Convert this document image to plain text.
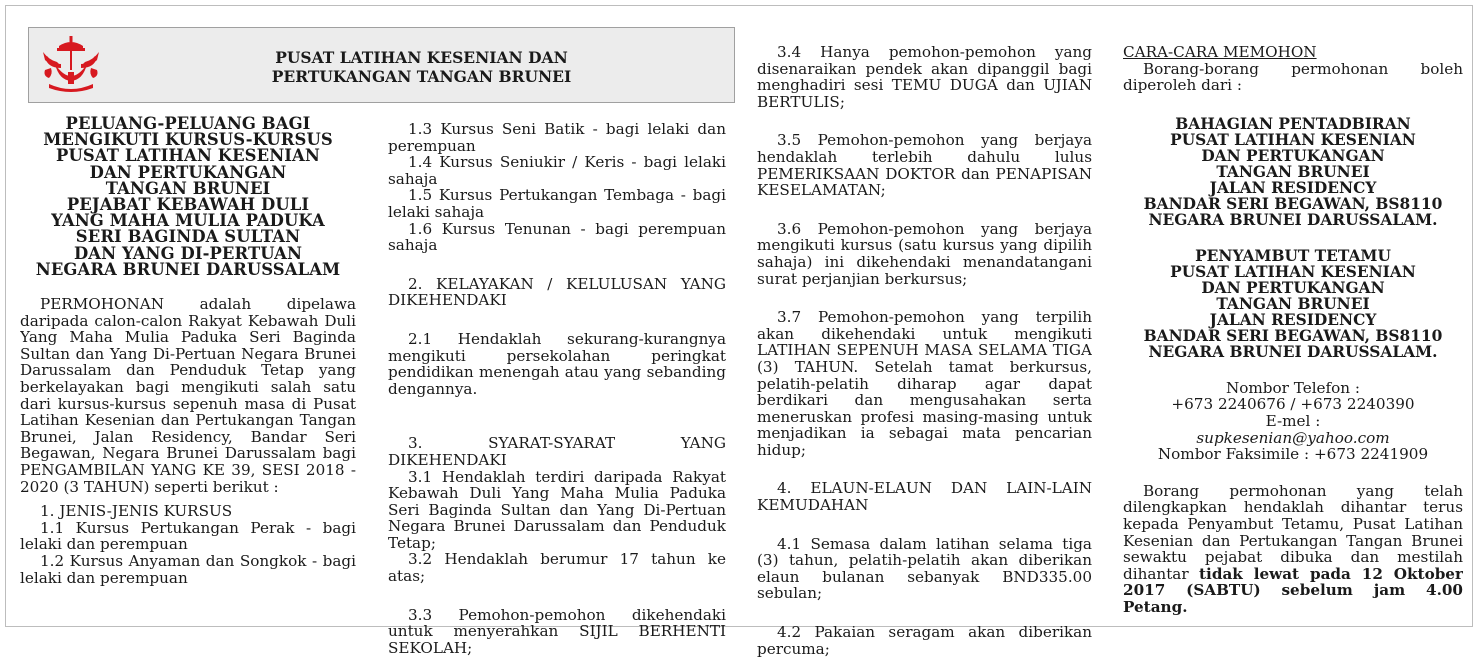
PUSAT LATIHAN KESENIAN DAN
PERTUKANGAN TANGAN BRUNEI
PELUANG-PELUANG BAGI
MENGIKUTI KURSUS-KURSUS
PUSAT LATIHAN KESENIAN
DAN PERTUKANGAN
TANGAN BRUNEI
PEJABAT KEBAWAH DULI
YANG MAHA MULIA PADUKA
SERI BAGINDA SULTAN
DAN YANG DI-PERTUAN
NEGARA BRUNEI DARUSSALAM

PERMOHONAN adalah dipelawa daripada calon-calon Rakyat Kebawah Duli Yang Maha Mulia Paduka Seri Baginda Sultan dan Yang Di-Pertuan Negara Brunei Darussalam dan Penduduk Tetap yang berkelayakan bagi mengikuti salah satu dari kursus-kursus sepenuh masa di Pusat Latihan Kesenian dan Pertukangan Tangan Brunei, Jalan Residency, Bandar Seri Begawan, Negara Brunei Darussalam bagi PENGAMBILAN YANG KE 39, SESI 2018 - 2020 (3 TAHUN) seperti berikut :

1. JENIS-JENIS KURSUS

1.1 Kursus Pertukangan Perak - bagi lelaki dan perempuan

1.2 Kursus Anyaman dan Songkok - bagi lelaki dan perempuan

1.3 Kursus Seni Batik - bagi lelaki dan perempuan

1.4 Kursus Seniukir / Keris - bagi lelaki sahaja

1.5 Kursus Pertukangan Tembaga - bagi lelaki sahaja

1.6 Kursus Tenunan - bagi perempuan sahaja

2. KELAYAKAN / KELULUSAN YANG DIKEHENDAKI

2.1 Hendaklah sekurang-kurangnya mengikuti persekolahan peringkat pendidikan menengah atau yang sebanding dengannya.

3. SYARAT-SYARAT YANG DIKEHENDAKI

3.1 Hendaklah terdiri daripada Rakyat Kebawah Duli Yang Maha Mulia Paduka Seri Baginda Sultan dan Yang Di-Pertuan Negara Brunei Darussalam dan Penduduk Tetap;

3.2 Hendaklah berumur 17 tahun ke atas;

3.3 Pemohon-pemohon dikehendaki untuk menyerahkan SIJIL BERHENTI SEKOLAH;

3.4 Hanya pemohon-pemohon yang disenaraikan pendek akan dipanggil bagi menghadiri sesi TEMU DUGA dan UJIAN BERTULIS;

3.5 Pemohon-pemohon yang berjaya hendaklah terlebih dahulu lulus PEMERIKSAAN DOKTOR dan PENAPISAN KESELAMATAN;

3.6 Pemohon-pemohon yang berjaya mengikuti kursus (satu kursus yang dipilih sahaja) ini dikehendaki menandatangani surat perjanjian berkursus;

3.7 Pemohon-pemohon yang terpilih akan dikehendaki untuk mengikuti LATIHAN SEPENUH MASA SELAMA TIGA (3) TAHUN. Setelah tamat berkursus, pelatih-pelatih diharap agar dapat berdikari dan mengusahakan serta meneruskan profesi masing-masing untuk menjadikan ia sebagai mata pencarian hidup;

4. ELAUN-ELAUN DAN LAIN-LAIN KEMUDAHAN

4.1 Semasa dalam latihan selama tiga (3) tahun, pelatih-pelatih akan diberikan elaun bulanan sebanyak BND335.00 sebulan;

4.2 Pakaian seragam akan diberikan percuma;

CARA-CARA MEMOHON

Borang-borang permohonan boleh diperoleh dari :

BAHAGIAN PENTADBIRAN
PUSAT LATIHAN KESENIAN
DAN PERTUKANGAN
TANGAN BRUNEI
JALAN RESIDENCY
BANDAR SERI BEGAWAN, BS8110
NEGARA BRUNEI DARUSSALAM.
PENYAMBUT TETAMU
PUSAT LATIHAN KESENIAN
DAN PERTUKANGAN
TANGAN BRUNEI
JALAN RESIDENCY
BANDAR SERI BEGAWAN, BS8110
NEGARA BRUNEI DARUSSALAM.
Nombor Telefon :
+673 2240676 / +673 2240390
E-mel :
supkesenian@yahoo.com
Nombor Faksimile : +673 2241909

Borang permohonan yang telah dilengkapkan hendaklah dihantar terus kepada Penyambut Tetamu, Pusat Latihan Kesenian dan Pertukangan Tangan Brunei sewaktu pejabat dibuka dan mestilah dihantar tidak lewat pada 12 Oktober 2017 (SABTU) sebelum jam 4.00 Petang.
